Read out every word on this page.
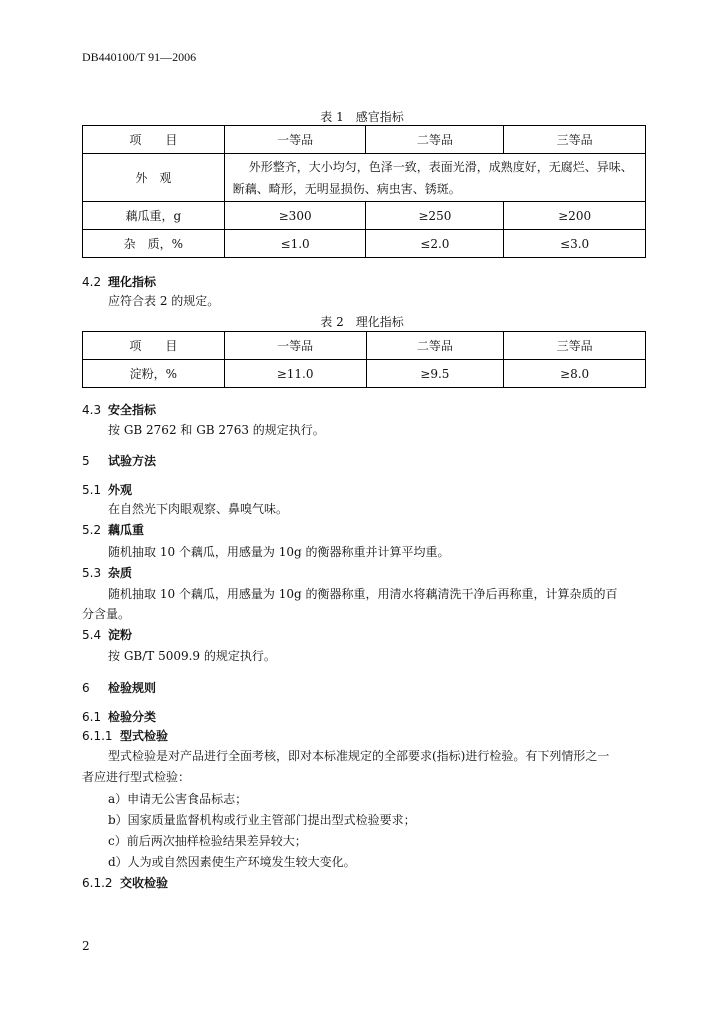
DB440100/T 91—2006
表 1　感官指标
项　　目	一等品	二等品	三等品
外　观	外形整齐，大小均匀，色泽一致，表面光滑，成熟度好，无腐烂、异味、断藕、畸形，无明显损伤、病虫害、锈斑。		
藕瓜重，g	≥300	≥250	≥200
杂　质，%	≤1.0	≤2.0	≤3.0
4.2 理化指标
应符合表 2 的规定。
表 2　理化指标
项　　目	一等品	二等品	三等品
淀粉，%	≥11.0	≥9.5	≥8.0
4.3 安全指标
按 GB 2762 和 GB 2763 的规定执行。
5 试验方法
5.1 外观
在自然光下肉眼观察、鼻嗅气味。
5.2 藕瓜重
随机抽取 10 个藕瓜，用感量为 10g 的衡器称重并计算平均重。
5.3 杂质
随机抽取 10 个藕瓜，用感量为 10g 的衡器称重，用清水将藕清洗干净后再称重，计算杂质的百
分含量。
5.4 淀粉
按 GB/T 5009.9 的规定执行。
6 检验规则
6.1 检验分类
6.1.1 型式检验
型式检验是对产品进行全面考核，即对本标准规定的全部要求(指标)进行检验。有下列情形之一
者应进行型式检验：
a）申请无公害食品标志；
b）国家质量监督机构或行业主管部门提出型式检验要求；
c）前后两次抽样检验结果差异较大；
d）人为或自然因素使生产环境发生较大变化。
6.1.2 交收检验
2
